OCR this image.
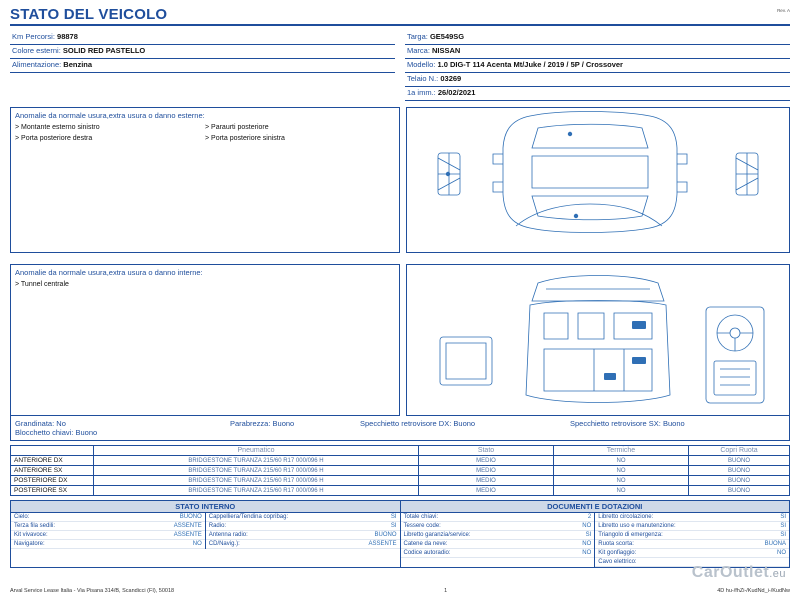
STATO DEL VEICOLO	Rev. A
Km Percorsi: 98878
Colore esterni: SOLID RED PASTELLO
Alimentazione: Benzina
Targa: GE549SG
Marca: NISSAN
Modello: 1.0 DIG-T 114 Acenta Mt/Juke / 2019 / 5P / Crossover
Telaio N.: 03269
1a imm.: 26/02/2021
Anomalie da normale usura,extra usura o danno esterne:
> Montante esterno sinistro	> Paraurti posteriore
> Porta posteriore destra	> Porta posteriore sinistra
Anomalie da normale usura,extra usura o danno interne:
> Tunnel centrale
Grandinata: No	Parabrezza: Buono	Specchietto retrovisore DX: Buono	Specchietto retrovisore SX: Buono
Blocchetto chiavi: Buono
	Pneumatico	Stato	Termiche	Copri Ruota
ANTERIORE DX	BRIDGESTONE TURANZA 215/60 R17 000/096 H	MEDIO	NO	BUONO
ANTERIORE SX	BRIDGESTONE TURANZA 215/60 R17 000/096 H	MEDIO	NO	BUONO
POSTERIORE DX	BRIDGESTONE TURANZA 215/60 R17 000/096 H	MEDIO	NO	BUONO
POSTERIORE SX	BRIDGESTONE TURANZA 215/60 R17 000/096 H	MEDIO	NO	BUONO
STATO INTERNO
Cielo:	BUONO
Terza fila sedili:	ASSENTE
Kit vivavoce:	ASSENTE
Navigatore:	NO
Cappelliera/Tendina copribag:	SI
Radio:	SI
Antenna radio:	BUONO
CD/Navig.):	ASSENTE
DOCUMENTI E DOTAZIONI
Totale chiavi:	2
Tessere code:	NO
Libretto garanzia/service:	SI
Catene da neve:	NO
Codice autoradio:	NO
Libretto circolazione:	SI
Libretto uso e manutenzione:	SI
Triangolo di emergenza:	SI
Ruota scorta:	BUONA
Kit gonfiaggio:	NO
Cavo elettrico:
CarOutlet.eu
Arval Service Lease Italia - Via Pisana 314/B, Scandicci (FI), 50018	1	4D hu-/fhZi-/KudNd_i-/KudNw
